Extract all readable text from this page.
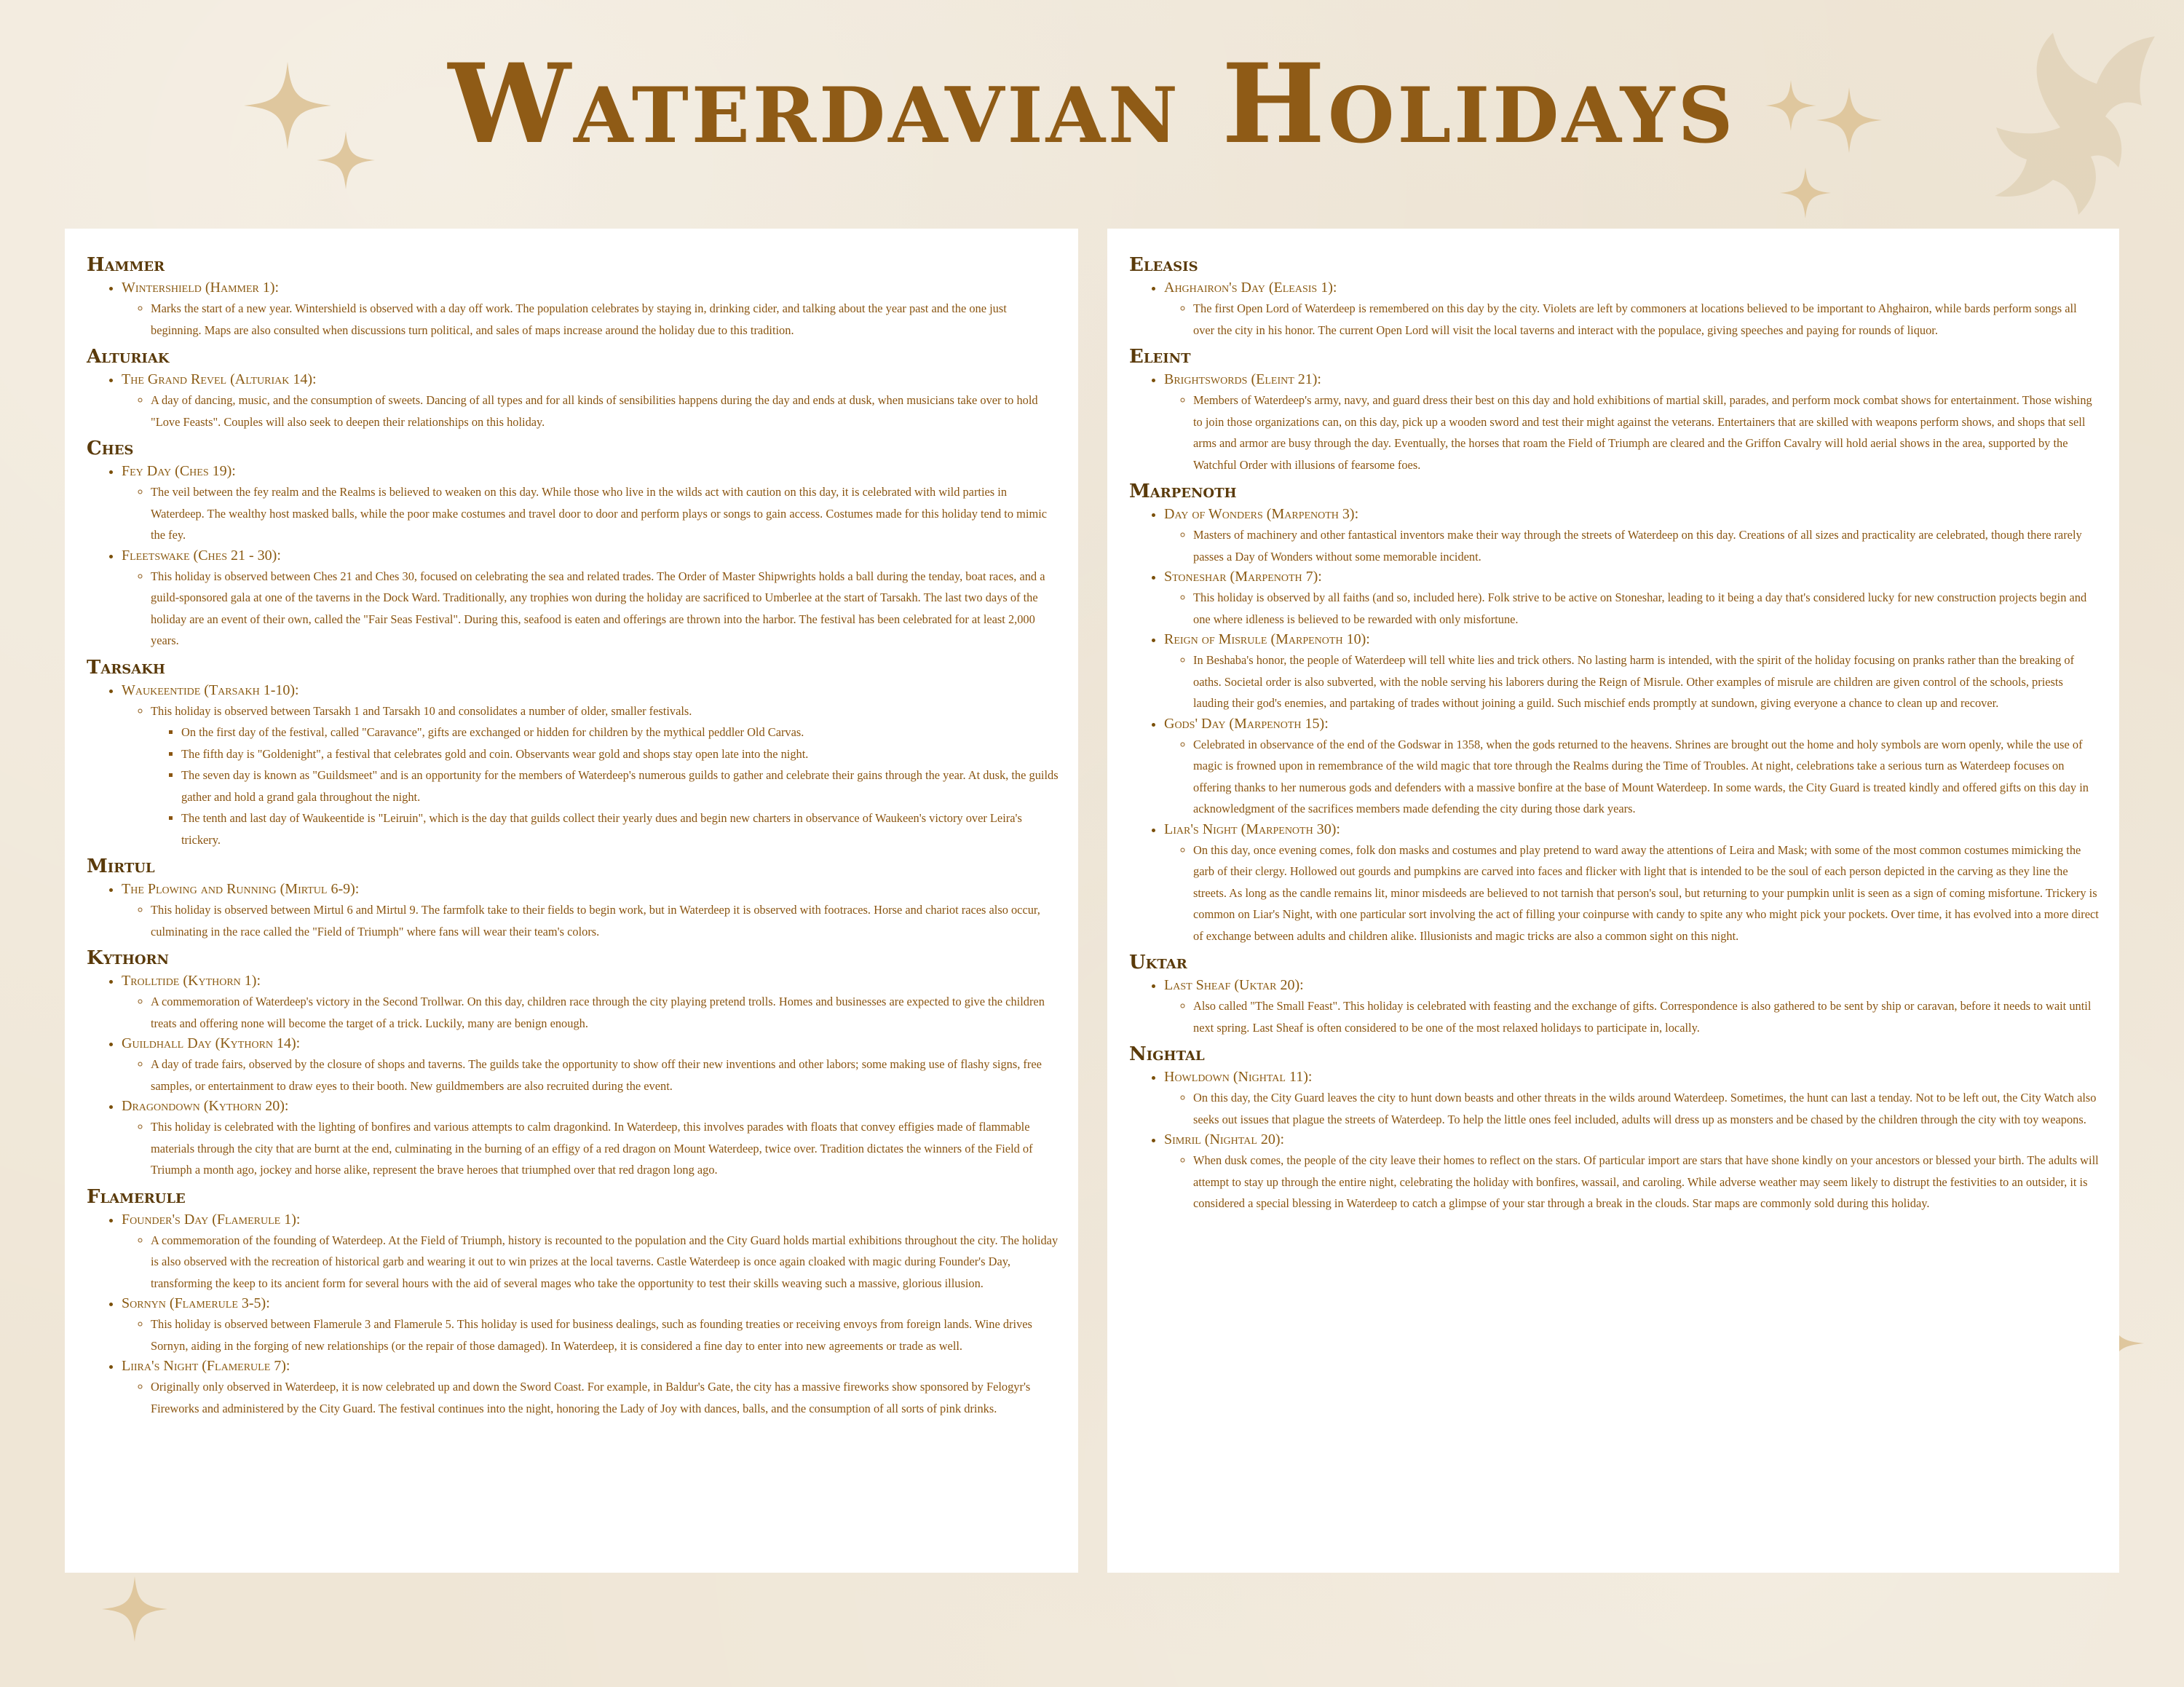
Waterdavian Holidays
Hammer
• Wintershield (Hammer 1):
◦ Marks the start of a new year. Wintershield is observed with a day off work. The population celebrates by staying in, drinking cider, and talking about the year past and the one just beginning. Maps are also consulted when discussions turn political, and sales of maps increase around the holiday due to this tradition.
Alturiak
• The Grand Revel (Alturiak 14):
◦ A day of dancing, music, and the consumption of sweets. Dancing of all types and for all kinds of sensibilities happens during the day and ends at dusk, when musicians take over to hold "Love Feasts". Couples will also seek to deepen their relationships on this holiday.
Ches
• Fey Day (Ches 19):
◦ The veil between the fey realm and the Realms is believed to weaken on this day. While those who live in the wilds act with caution on this day, it is celebrated with wild parties in Waterdeep. The wealthy host masked balls, while the poor make costumes and travel door to door and perform plays or songs to gain access. Costumes made for this holiday tend to mimic the fey.
• Fleetswake (Ches 21 - 30):
◦ This holiday is observed between Ches 21 and Ches 30, focused on celebrating the sea and related trades. The Order of Master Shipwrights holds a ball during the tenday, boat races, and a guild-sponsored gala at one of the taverns in the Dock Ward. Traditionally, any trophies won during the holiday are sacrificed to Umberlee at the start of Tarsakh. The last two days of the holiday are an event of their own, called the "Fair Seas Festival". During this, seafood is eaten and offerings are thrown into the harbor. The festival has been celebrated for at least 2,000 years.
Tarsakh
• Waukeentide (Tarsakh 1-10):
◦ This holiday is observed between Tarsakh 1 and Tarsakh 10 and consolidates a number of older, smaller festivals.
▪ On the first day of the festival, called "Caravance", gifts are exchanged or hidden for children by the mythical peddler Old Carvas.
▪ The fifth day is "Goldenight", a festival that celebrates gold and coin. Observants wear gold and shops stay open late into the night.
▪ The seven day is known as "Guildsmeet" and is an opportunity for the members of Waterdeep's numerous guilds to gather and celebrate their gains through the year. At dusk, the guilds gather and hold a grand gala throughout the night.
▪ The tenth and last day of Waukeentide is "Leiruin", which is the day that guilds collect their yearly dues and begin new charters in observance of Waukeen's victory over Leira's trickery.
Mirtul
• The Plowing and Running (Mirtul 6-9):
◦ This holiday is observed between Mirtul 6 and Mirtul 9. The farmfolk take to their fields to begin work, but in Waterdeep it is observed with footraces. Horse and chariot races also occur, culminating in the race called the "Field of Triumph" where fans will wear their team's colors.
Kythorn
• Trolltide (Kythorn 1):
◦ A commemoration of Waterdeep's victory in the Second Trollwar. On this day, children race through the city playing pretend trolls. Homes and businesses are expected to give the children treats and offering none will become the target of a trick. Luckily, many are benign enough.
• Guildhall Day (Kythorn 14):
◦ A day of trade fairs, observed by the closure of shops and taverns. The guilds take the opportunity to show off their new inventions and other labors; some making use of flashy signs, free samples, or entertainment to draw eyes to their booth. New guildmembers are also recruited during the event.
• Dragondown (Kythorn 20):
◦ This holiday is celebrated with the lighting of bonfires and various attempts to calm dragonkind. In Waterdeep, this involves parades with floats that convey effigies made of flammable materials through the city that are burnt at the end, culminating in the burning of an effigy of a red dragon on Mount Waterdeep, twice over. Tradition dictates the winners of the Field of Triumph a month ago, jockey and horse alike, represent the brave heroes that triumphed over that red dragon long ago.
Flamerule
• Founder's Day (Flamerule 1):
◦ A commemoration of the founding of Waterdeep. At the Field of Triumph, history is recounted to the population and the City Guard holds martial exhibitions throughout the city. The holiday is also observed with the recreation of historical garb and wearing it out to win prizes at the local taverns. Castle Waterdeep is once again cloaked with magic during Founder's Day, transforming the keep to its ancient form for several hours with the aid of several mages who take the opportunity to test their skills weaving such a massive, glorious illusion.
• Sornyn (Flamerule 3-5):
◦ This holiday is observed between Flamerule 3 and Flamerule 5. This holiday is used for business dealings, such as founding treaties or receiving envoys from foreign lands. Wine drives Sornyn, aiding in the forging of new relationships (or the repair of those damaged). In Waterdeep, it is considered a fine day to enter into new agreements or trade as well.
• Liira's Night (Flamerule 7):
◦ Originally only observed in Waterdeep, it is now celebrated up and down the Sword Coast. For example, in Baldur's Gate, the city has a massive fireworks show sponsored by Felogyr's Fireworks and administered by the City Guard. The festival continues into the night, honoring the Lady of Joy with dances, balls, and the consumption of all sorts of pink drinks.
Eleasis
• Ahghairon's Day (Eleasis 1):
◦ The first Open Lord of Waterdeep is remembered on this day by the city. Violets are left by commoners at locations believed to be important to Ahghairon, while bards perform songs all over the city in his honor. The current Open Lord will visit the local taverns and interact with the populace, giving speeches and paying for rounds of liquor.
Eleint
• Brightswords (Eleint 21):
◦ Members of Waterdeep's army, navy, and guard dress their best on this day and hold exhibitions of martial skill, parades, and perform mock combat shows for entertainment. Those wishing to join those organizations can, on this day, pick up a wooden sword and test their might against the veterans. Entertainers that are skilled with weapons perform shows, and shops that sell arms and armor are busy through the day. Eventually, the horses that roam the Field of Triumph are cleared and the Griffon Cavalry will hold aerial shows in the area, supported by the Watchful Order with illusions of fearsome foes.
Marpenoth
• Day of Wonders (Marpenoth 3):
◦ Masters of machinery and other fantastical inventors make their way through the streets of Waterdeep on this day. Creations of all sizes and practicality are celebrated, though there rarely passes a Day of Wonders without some memorable incident.
• Stoneshar (Marpenoth 7):
◦ This holiday is observed by all faiths (and so, included here). Folk strive to be active on Stoneshar, leading to it being a day that's considered lucky for new construction projects begin and one where idleness is believed to be rewarded with only misfortune.
• Reign of Misrule (Marpenoth 10):
◦ In Beshaba's honor, the people of Waterdeep will tell white lies and trick others. No lasting harm is intended, with the spirit of the holiday focusing on pranks rather than the breaking of oaths. Societal order is also subverted, with the noble serving his laborers during the Reign of Misrule. Other examples of misrule are children are given control of the schools, priests lauding their god's enemies, and partaking of trades without joining a guild. Such mischief ends promptly at sundown, giving everyone a chance to clean up and recover.
• Gods' Day (Marpenoth 15):
◦ Celebrated in observance of the end of the Godswar in 1358, when the gods returned to the heavens. Shrines are brought out the home and holy symbols are worn openly, while the use of magic is frowned upon in remembrance of the wild magic that tore through the Realms during the Time of Troubles. At night, celebrations take a serious turn as Waterdeep focuses on offering thanks to her numerous gods and defenders with a massive bonfire at the base of Mount Waterdeep. In some wards, the City Guard is treated kindly and offered gifts on this day in acknowledgment of the sacrifices members made defending the city during those dark years.
• Liar's Night (Marpenoth 30):
◦ On this day, once evening comes, folk don masks and costumes and play pretend to ward away the attentions of Leira and Mask; with some of the most common costumes mimicking the garb of their clergy. Hollowed out gourds and pumpkins are carved into faces and flicker with light that is intended to be the soul of each person depicted in the carving as they line the streets. As long as the candle remains lit, minor misdeeds are believed to not tarnish that person's soul, but returning to your pumpkin unlit is seen as a sign of coming misfortune. Trickery is common on Liar's Night, with one particular sort involving the act of filling your coinpurse with candy to spite any who might pick your pockets. Over time, it has evolved into a more direct of exchange between adults and children alike. Illusionists and magic tricks are also a common sight on this night.
Uktar
• Last Sheaf (Uktar 20):
◦ Also called "The Small Feast". This holiday is celebrated with feasting and the exchange of gifts. Correspondence is also gathered to be sent by ship or caravan, before it needs to wait until next spring. Last Sheaf is often considered to be one of the most relaxed holidays to participate in, locally.
Nightal
• Howldown (Nightal 11):
◦ On this day, the City Guard leaves the city to hunt down beasts and other threats in the wilds around Waterdeep. Sometimes, the hunt can last a tenday. Not to be left out, the City Watch also seeks out issues that plague the streets of Waterdeep. To help the little ones feel included, adults will dress up as monsters and be chased by the children through the city with toy weapons.
• Simril (Nightal 20):
◦ When dusk comes, the people of the city leave their homes to reflect on the stars. Of particular import are stars that have shone kindly on your ancestors or blessed your birth. The adults will attempt to stay up through the entire night, celebrating the holiday with bonfires, wassail, and caroling. While adverse weather may seem likely to distrupt the festivities to an outsider, it is considered a special blessing in Waterdeep to catch a glimpse of your star through a break in the clouds. Star maps are commonly sold during this holiday.
